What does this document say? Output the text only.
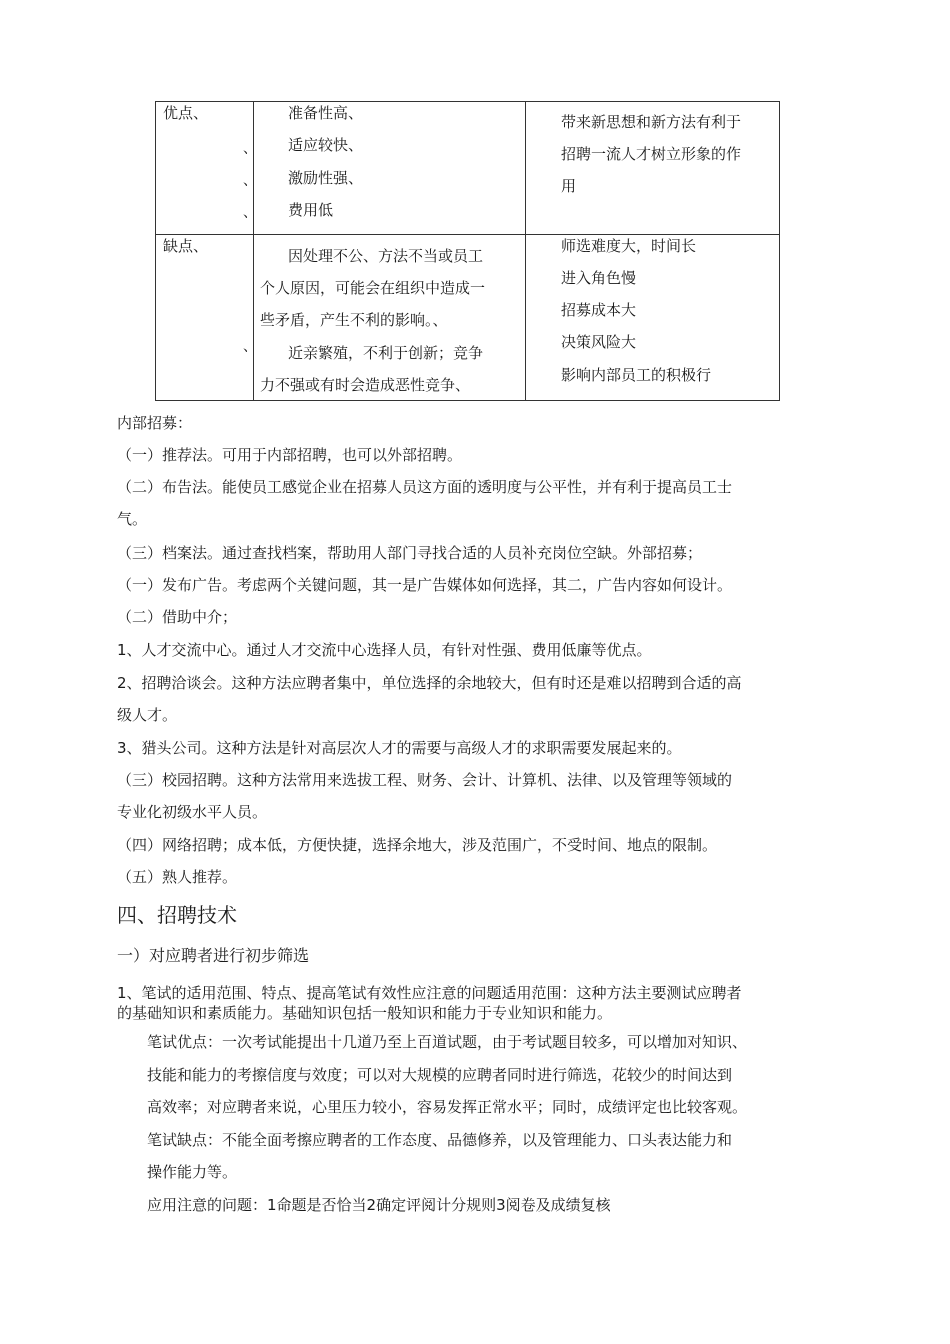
优点、
、
、
、
准备性高、
适应较快、
激励性强、
费用低
带来新思想和新方法有利于
招聘一流人才树立形象的作
用
缺点、
、
因处理不公、方法不当或员工
个人原因，可能会在组织中造成一
些矛盾，产生不利的影响。、
近亲繁殖，不利于创新；竞争
力不强或有时会造成恶性竞争、
师选难度大，时间长
进入角色慢
招募成本大
决策风险大
影响内部员工的积极行
内部招募：
（一）推荐法。可用于内部招聘，也可以外部招聘。
（二）布告法。能使员工感觉企业在招募人员这方面的透明度与公平性，并有利于提高员工士
气。
（三）档案法。通过查找档案，帮助用人部门寻找合适的人员补充岗位空缺。外部招募；
（一）发布广告。考虑两个关键问题，其一是广告媒体如何选择，其二，广告内容如何设计。
（二）借助中介；
1、人才交流中心。通过人才交流中心选择人员，有针对性强、费用低廉等优点。
2、招聘洽谈会。这种方法应聘者集中，单位选择的余地较大，但有时还是难以招聘到合适的高
级人才。
3、猎头公司。这种方法是针对高层次人才的需要与高级人才的求职需要发展起来的。
（三）校园招聘。这种方法常用来选拔工程、财务、会计、计算机、法律、以及管理等领域的
专业化初级水平人员。
（四）网络招聘；成本低，方便快捷，选择余地大，涉及范围广，不受时间、地点的限制。
（五）熟人推荐。
四、招聘技术
一）对应聘者进行初步筛选
1、笔试的适用范围、特点、提高笔试有效性应注意的问题适用范围：这种方法主要测试应聘者
的基础知识和素质能力。基础知识包括一般知识和能力于专业知识和能力。
笔试优点：一次考试能提出十几道乃至上百道试题，由于考试题目较多，可以增加对知识、
技能和能力的考擦信度与效度；可以对大规模的应聘者同时进行筛选，花较少的时间达到
高效率；对应聘者来说，心里压力较小，容易发挥正常水平；同时，成绩评定也比较客观。
笔试缺点：不能全面考擦应聘者的工作态度、品德修养，以及管理能力、口头表达能力和
操作能力等。
应用注意的问题：1命题是否恰当2确定评阅计分规则3阅卷及成绩复核
